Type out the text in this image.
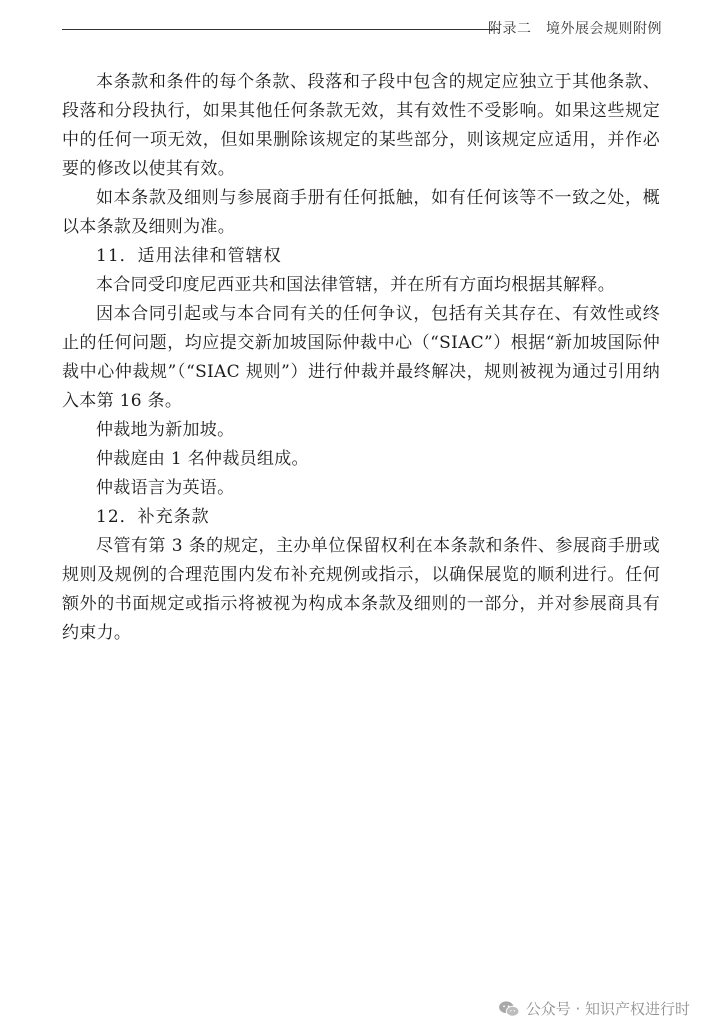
附录二　境外展会规则附例

本条款和条件的每个条款、段落和子段中包含的规定应独立于其他条款、段落和分段执行，如果其他任何条款无效，其有效性不受影响。如果这些规定中的任何一项无效，但如果删除该规定的某些部分，则该规定应适用，并作必要的修改以使其有效。

如本条款及细则与参展商手册有任何抵触，如有任何该等不一致之处，概以本条款及细则为准。

11．适用法律和管辖权

本合同受印度尼西亚共和国法律管辖，并在所有方面均根据其解释。

因本合同引起或与本合同有关的任何争议，包括有关其存在、有效性或终止的任何问题，均应提交新加坡国际仲裁中心（“SIAC”）根据“新加坡国际仲裁中心仲裁规”（“SIAC 规则”）进行仲裁并最终解决，规则被视为通过引用纳入本第 16 条。

仲裁地为新加坡。

仲裁庭由 1 名仲裁员组成。

仲裁语言为英语。

12．补充条款

尽管有第 3 条的规定，主办单位保留权利在本条款和条件、参展商手册或规则及规例的合理范围内发布补充规例或指示，以确保展览的顺利进行。任何额外的书面规定或指示将被视为构成本条款及细则的一部分，并对参展商具有约束力。

公众号 · 知识产权进行时
